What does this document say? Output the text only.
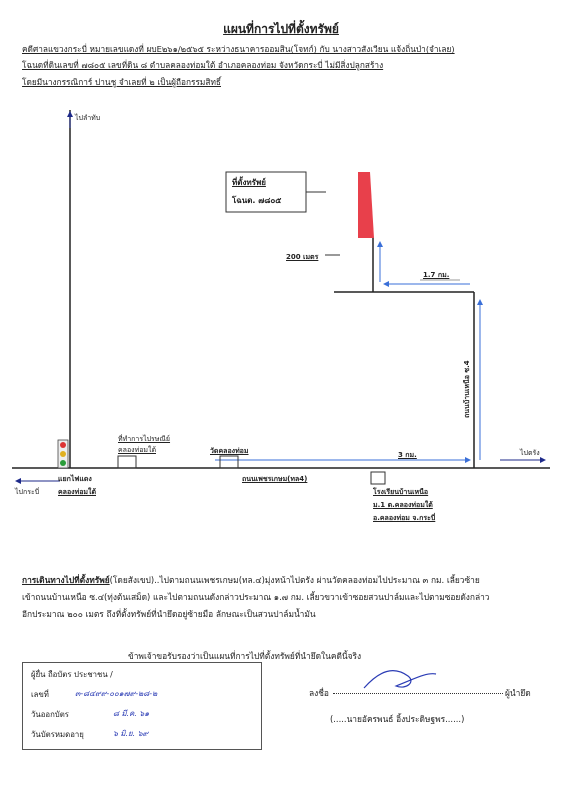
แผนที่การไปที่ตั้งทรัพย์
คดีศาลแขวงกระบี่ หมายเลขแดงที่ ผบE๒๖๑/๒๕๖๕ ระหว่างธนาคารออมสิน(โจทก์) กับ นางสาวสังเวียน แจ้งถิ่นป่า(จำเลย)
โฉนดที่ดินเลขที่ ๗๘๐๕ เลขที่ดิน ๘ ตำบลคลองท่อมใต้ อำเภอคลองท่อม จังหวัดกระบี่ ไม่มีสิ่งปลูกสร้าง
โดยมีนางกรรณิการ์ ปานชู จำเลยที่ ๒ เป็นผู้ถือกรรมสิทธิ์
ไปลำทับ
ที่ตั้งทรัพย์
โฉนด. ๗๘๐๕
200 เมตร
1.7 กม.
3 กม.
ถนนบ้านเหนือ ซ.4
ที่ทำการไปรษณีย์
คลองท่อมใต้	วัดคลองท่อม
ถนนเพชรเกษม(ทล4)
ไปตรัง
ไปกระบี่
แยกไฟแดง
คลองท่อมใต้	โรงเรียนบ้านเหนือ
ม.1 ต.คลองท่อมใต้
อ.คลองท่อม จ.กระบี่
การเดินทางไปที่ตั้งทรัพย์(โดยสังเขป)..ไปตามถนนเพชรเกษม(ทล.๔)มุ่งหน้าไปตรัง ผ่านวัดคลองท่อมไปประมาณ ๓ กม. เลี้ยวซ้าย
เข้าถนนบ้านเหนือ ซ.๔(ทุ่งต้นเสม็ด) และไปตามถนนดังกล่าวประมาณ ๑.๗ กม. เลี้ยวขวาเข้าซอยสวนปาล์มและไปตามซอยดังกล่าว
อีกประมาณ ๒๐๐ เมตร ถึงที่ตั้งทรัพย์ที่นำยึดอยู่ซ้ายมือ ลักษณะเป็นสวนปาล์มน้ำมัน
ข้าพเจ้าขอรับรองว่าเป็นแผนที่การไปที่ตั้งทรัพย์ที่นำยึดในคดีนี้จริง
ผู้ยื่น ถือบัตร ประชาชน /
เลขที่	๓-๘๔๙๙-๐๐๑๗๙-๒๘-๒
วันออกบัตร	๘ มี.ค. ๖๑
วันบัตรหมดอายุ	๖ มิ.ย. ๖๙
ลงชื่อ	ผู้นำยึด
(.....นายอัครพนธ์ อิ้งประดิษฐพร......)
